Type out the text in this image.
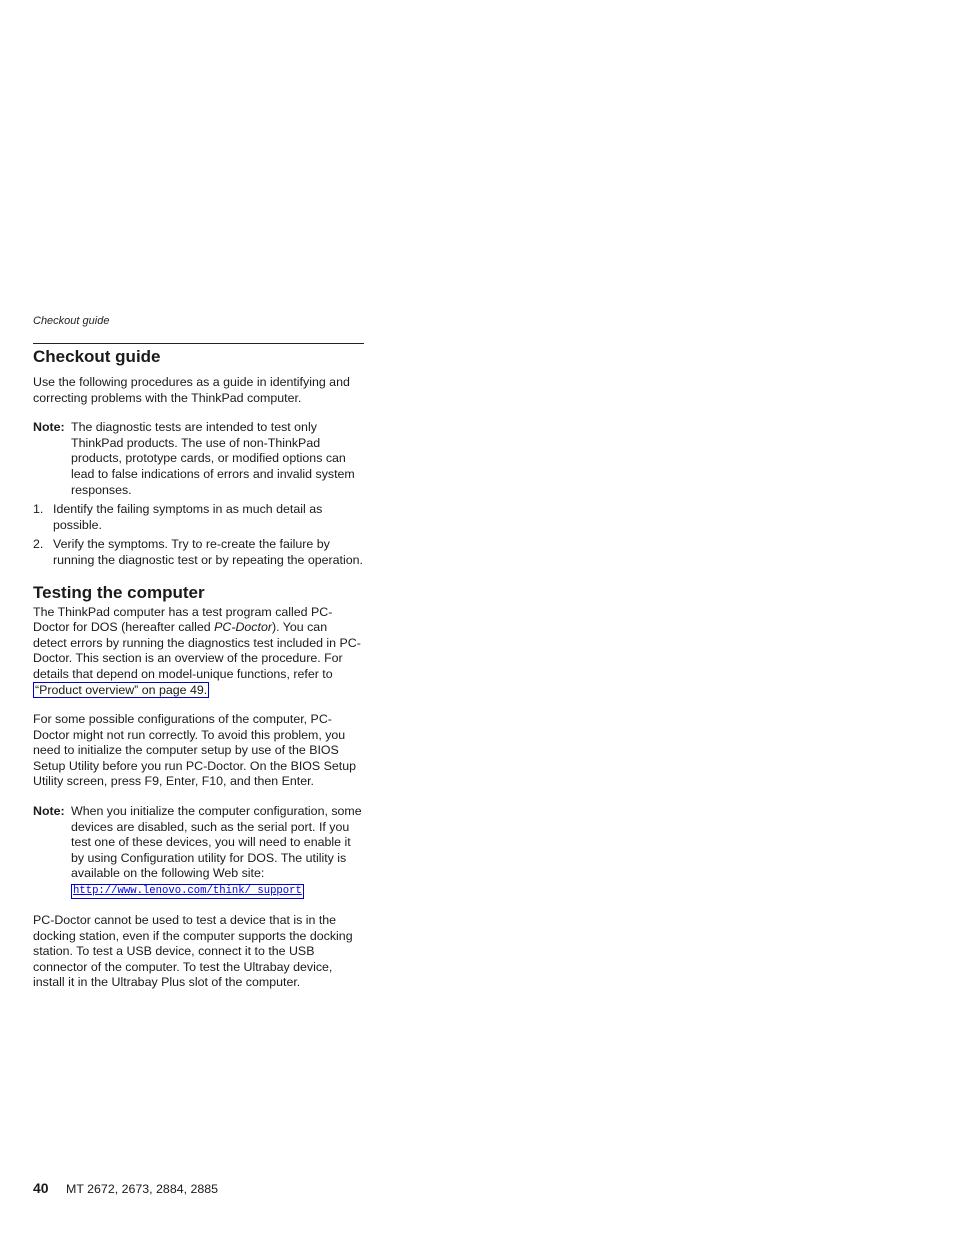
Checkout guide
Checkout guide

Use the following procedures as a guide in identifying and correcting problems with the ThinkPad computer.

Note: The diagnostic tests are intended to test only ThinkPad products. The use of non-ThinkPad products, prototype cards, or modified options can lead to false indications of errors and invalid system responses.
1. Identify the failing symptoms in as much detail as possible.
2. Verify the symptoms. Try to re-create the failure by running the diagnostic test or by repeating the operation.
Testing the computer

The ThinkPad computer has a test program called PC-Doctor for DOS (hereafter called PC-Doctor). You can detect errors by running the diagnostics test included in PC-Doctor. This section is an overview of the procedure. For details that depend on model-unique functions, refer to “Product overview” on page 49.

For some possible configurations of the computer, PC-Doctor might not run correctly. To avoid this problem, you need to initialize the computer setup by use of the BIOS Setup Utility before you run PC-Doctor. On the BIOS Setup Utility screen, press F9, Enter, F10, and then Enter.

Note: When you initialize the computer configuration, some devices are disabled, such as the serial port. If you test one of these devices, you will need to enable it by using Configuration utility for DOS. The utility is available on the following Web site:
http://www.lenovo.com/think/ support

PC-Doctor cannot be used to test a device that is in the docking station, even if the computer supports the docking station. To test a USB device, connect it to the USB connector of the computer. To test the Ultrabay device, install it in the Ultrabay Plus slot of the computer.

40 MT 2672, 2673, 2884, 2885
